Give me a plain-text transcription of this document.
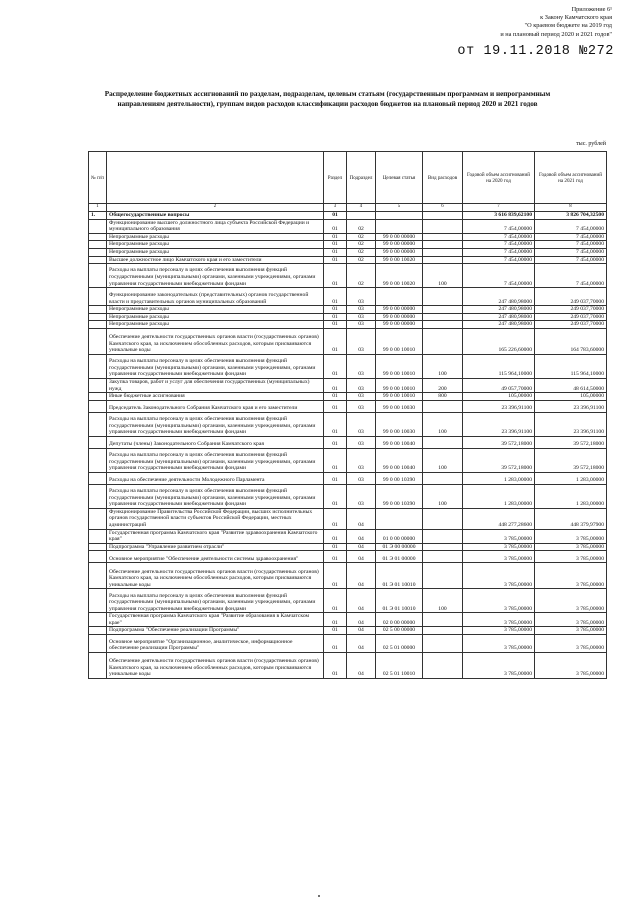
Приложение 6¹
к Закону Камчатского края
"О краевом бюджете на 2019 год
и на плановый период 2020 и 2021 годов"
от 19.11.2018 №272
Распределение бюджетных ассигнований по разделам, подразделам, целевым статьям (государственным программам и непрограммным направлениям деятельности), группам видов расходов классификации расходов бюджетов на плановый период 2020 и 2021 годов
тыс. рублей
№ п/п		Раздел	Подраздел	Целевая статья	Вид расходов	Годовой объем ассигнований на 2020 год	Годовой объем ассигнований на 2021 год
1	2	3	4	5	6	7	8
1.	Общегосударственные вопросы	01				3 616 839,62100	3 826 704,32500
	Функционирование высшего должностного лица субъекта Российской Федерации и муниципального образования	01	02			7 454,00000	7 454,00000
	Непрограммные расходы	01	02	99 0 00 00000		7 454,00000	7 454,00000
	Непрограммные расходы	01	02	99 0 00 00000		7 454,00000	7 454,00000
	Непрограммные расходы	01	02	99 0 00 00000		7 454,00000	7 454,00000
	Высшее должностное лицо Камчатского края и его заместители	01	02	99 0 00 10020		7 454,00000	7 454,00000
	Расходы на выплаты персоналу в целях обеспечения выполнения функций государственными (муниципальными) органами, казенными учреждениями, органами управления государственными внебюджетными фондами	01	02	99 0 00 10020	100	7 454,00000	7 454,00000
	Функционирование законодательных (представительных) органов государственной власти и представительных органов муниципальных образований	01	03			247 480,98000	249 037,70000
	Непрограммные расходы	01	03	99 0 00 00000		247 480,98000	249 037,70000
	Непрограммные расходы	01	03	99 0 00 00000		247 480,98000	249 037,70000
	Непрограммные расходы	01	03	99 0 00 00000		247 480,98000	249 037,70000
	Обеспечение деятельности государственных органов власти (государственных органов) Камчатского края, за исключением обособленных расходов, которым присваиваются уникальные коды	01	03	99 0 00 10010		165 226,60000	164 783,60000
	Расходы на выплаты персоналу в целях обеспечения выполнения функций государственными (муниципальными) органами, казенными учреждениями, органами управления государственными внебюджетными фондами	01	03	99 0 00 10010	100	115 964,10000	115 964,10000
	Закупка товаров, работ и услуг для обеспечения государственных (муниципальных) нужд	01	03	99 0 00 10010	200	49 057,70000	48 614,50000
	Иные бюджетные ассигнования	01	03	99 0 00 10010	800	105,00000	105,00000
	Председатель Законодательного Собрания Камчатского края и его заместители	01	03	99 0 00 10030		23 396,91100	23 396,91100
	Расходы на выплаты персоналу в целях обеспечения выполнения функций государственными (муниципальными) органами, казенными учреждениями, органами управления государственными внебюджетными фондами	01	03	99 0 00 10030	100	23 396,91100	23 396,91100
	Депутаты (члены) Законодательного Собрания Камчатского края	01	03	99 0 00 10040		39 572,18000	39 572,18000
	Расходы на выплаты персоналу в целях обеспечения выполнения функций государственными (муниципальными) органами, казенными учреждениями, органами управления государственными внебюджетными фондами	01	03	99 0 00 10040	100	39 572,18000	39 572,18000
	Расходы на обеспечение деятельности Молодежного Парламента	01	03	99 0 00 10390		1 283,00000	1 283,00000
	Расходы на выплаты персоналу в целях обеспечения выполнения функций государственными (муниципальными) органами, казенными учреждениями, органами управления государственными внебюджетными фондами	01	03	99 0 00 10390	100	1 283,00000	1 283,00000
	Функционирование Правительства Российской Федерации, высших исполнительных органов государственной власти субъектов Российской Федерации, местных администраций	01	04			448 277,28600	448 379,97900
	Государственная программа Камчатского края "Развитие здравоохранения Камчатского края"	01	04	01 0 00 00000		3 785,00000	3 785,00000
	Подпрограмма "Управление развитием отрасли"	01	04	01 Э 00 00000		3 785,00000	3 785,00000
	Основное мероприятие "Обеспечение деятельности системы здравоохранения"	01	04	01 Э 01 00000		3 785,00000	3 785,00000
	Обеспечение деятельности государственных органов власти (государственных органов) Камчатского края, за исключением обособленных расходов, которым присваиваются уникальные коды	01	04	01 Э 01 10010		3 785,00000	3 785,00000
	Расходы на выплаты персоналу в целях обеспечения выполнения функций государственными (муниципальными) органами, казенными учреждениями, органами управления государственными внебюджетными фондами	01	04	01 Э 01 10010	100	3 785,00000	3 785,00000
	Государственная программа Камчатского края "Развитие образования в Камчатском крае"	01	04	02 0 00 00000		3 785,00000	3 785,00000
	Подпрограмма "Обеспечение реализации Программы"	01	04	02 5 00 00000		3 785,00000	3 785,00000
	Основное мероприятие "Организационное, аналитическое, информационное обеспечение реализации Программы"	01	04	02 5 01 00000		3 785,00000	3 785,00000
	Обеспечение деятельности государственных органов власти (государственных органов) Камчатского края, за исключением обособленных расходов, которым присваиваются уникальные коды	01	04	02 5 01 10010		3 785,00000	3 785,00000
